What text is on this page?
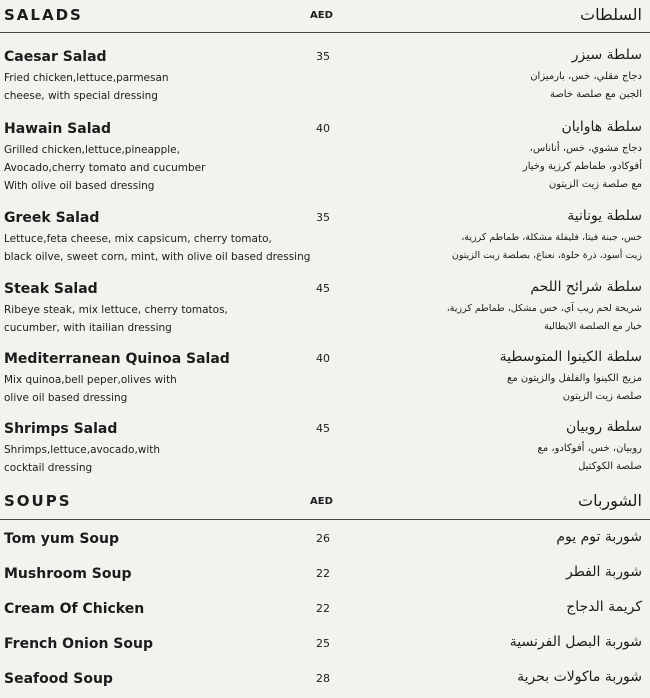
SALADS	AED	السلطات
Caesar Salad	35
Fried chicken,lettuce,parmesan
cheese, with special dressing
سلطة سيزر
دجاج مقلي، خس، بارميزان
الجبن مع صلصة خاصة
Hawain Salad	40
Grilled chicken,lettuce,pineapple,
Avocado,cherry tomato and cucumber
With olive oil based dressing
سلطة هاوايان
دجاج مشوي، خس، أناناس،
أفوكادو، طماطم كرزية وخيار
مع صلصة زيت الزيتون
Greek Salad	35
Lettuce,feta cheese, mix capsicum, cherry tomato,
black oilve, sweet corn, mint, with olive oil based dressing
سلطة يونانية
خس، جبنة فيتا، فليفلة مشكلة، طماطم كرزية،
زيت أسود، ذرة حلوة، نعناع، بصلصة زيت الزيتون
Steak Salad	45
Ribeye steak, mix lettuce, cherry tomatos,
cucumber, with itailian dressing
سلطة شرائح اللحم
شريحة لحم ريب آي، خس مشكل، طماطم كرزية،
خيار مع الصلصة الايطالية
Mediterranean Quinoa Salad	40
Mix quinoa,bell peper,olives with
olive oil based dressing
سلطة الكينوا المتوسطية
مزيج الكينوا والفلفل والزيتون مع
صلصة زيت الزيتون
Shrimps Salad	45
Shrimps,lettuce,avocado,with
cocktail dressing
سلطة روبيان
روبيان، خس، أفوكادو، مع
صلصة الكوكتيل
SOUPS	AED	الشوربات
Tom yum Soup	26	شوربة توم يوم
Mushroom Soup	22	شوربة الفطر
Cream Of Chicken	22	كريمة الدجاج
French Onion Soup	25	شوربة البصل الفرنسية
Seafood Soup	28	شوربة ماكولات بحرية
